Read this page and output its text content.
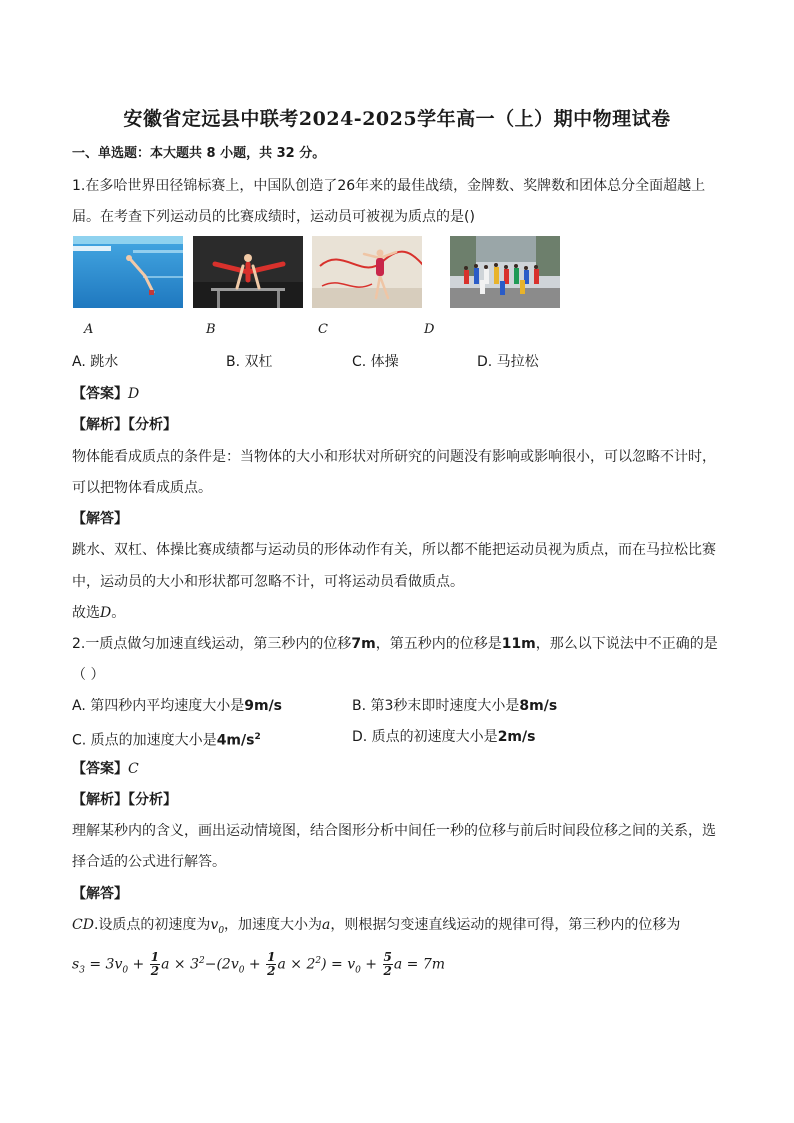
安徽省定远县中联考2024-2025学年高一（上）期中物理试卷
一、单选题：本大题共 8 小题，共 32 分。
1.在多哈世界田径锦标赛上，中国队创造了26年来的最佳战绩，金牌数、奖牌数和团体总分全面超越上
届。在考查下列运动员的比赛成绩时，运动员可被视为质点的是()
A	B	C	D
A. 跳水	B. 双杠	C. 体操	D. 马拉松
【答案】D
【解析】【分析】
物体能看成质点的条件是：当物体的大小和形状对所研究的问题没有影响或影响很小，可以忽略不计时，
可以把物体看成质点。
【解答】
跳水、双杠、体操比赛成绩都与运动员的形体动作有关，所以都不能把运动员视为质点，而在马拉松比赛
中，运动员的大小和形状都可忽略不计，可将运动员看做质点。
故选D。
2.一质点做匀加速直线运动，第三秒内的位移7m，第五秒内的位移是11m，那么以下说法中不正确的是
（ ）
A. 第四秒内平均速度大小是9m/s	B. 第3秒末即时速度大小是8m/s
C. 质点的加速度大小是$4m/s^2$	D. 质点的初速度大小是2m/s
【答案】C
【解析】【分析】
理解某秒内的含义，画出运动情境图，结合图形分析中间任一秒的位移与前后时间段位移之间的关系，选
择合适的公式进行解答。
【解答】
CD.设质点的初速度为$v_0$，加速度大小为a，则根据匀变速直线运动的规律可得，第三秒内的位移为
$s_3 = 3v_0 + \frac{1}{2}$ $a \times 3^2-(2v_0 + \frac{1}{2}$ $a \times 2^2) = v_0 + \frac{5}{2}$ a = 7m
